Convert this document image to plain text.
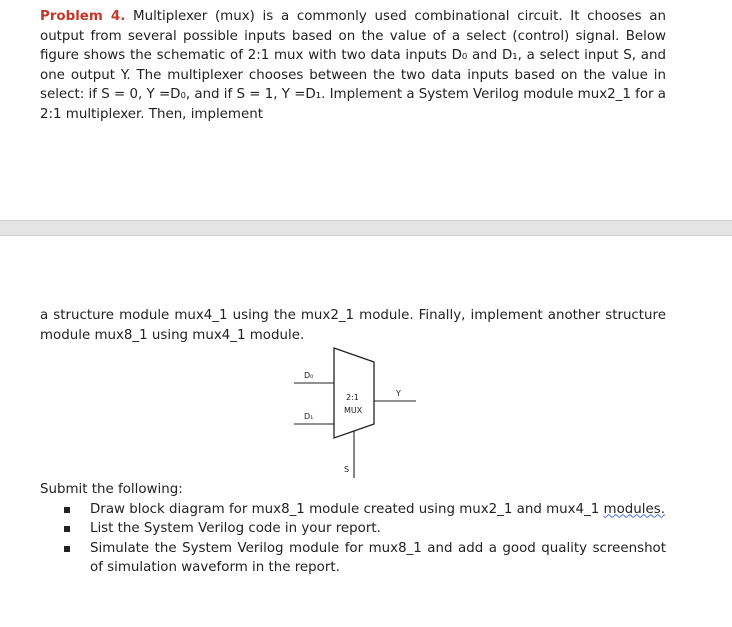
Problem 4. Multiplexer (mux) is a commonly used combinational circuit. It chooses an output from several possible inputs based on the value of a select (control) signal. Below figure shows the schematic of 2:1 mux with two data inputs D₀ and D₁, a select input S, and one output Y. The multiplexer chooses between the two data inputs based on the value in select: if S = 0, Y =D₀, and if S = 1, Y =D₁. Implement a System Verilog module mux2_1 for a 2:1 multiplexer. Then, implement
a structure module mux4_1 using the mux2_1 module. Finally, implement another structure module mux8_1 using mux4_1 module.
D₀
D₁
Y
S
2:1
MUX
Submit the following:
Draw block diagram for mux8_1 module created using mux2_1 and mux4_1 modules.
List the System Verilog code in your report.
Simulate the System Verilog module for mux8_1 and add a good quality screenshot of simulation waveform in the report.
